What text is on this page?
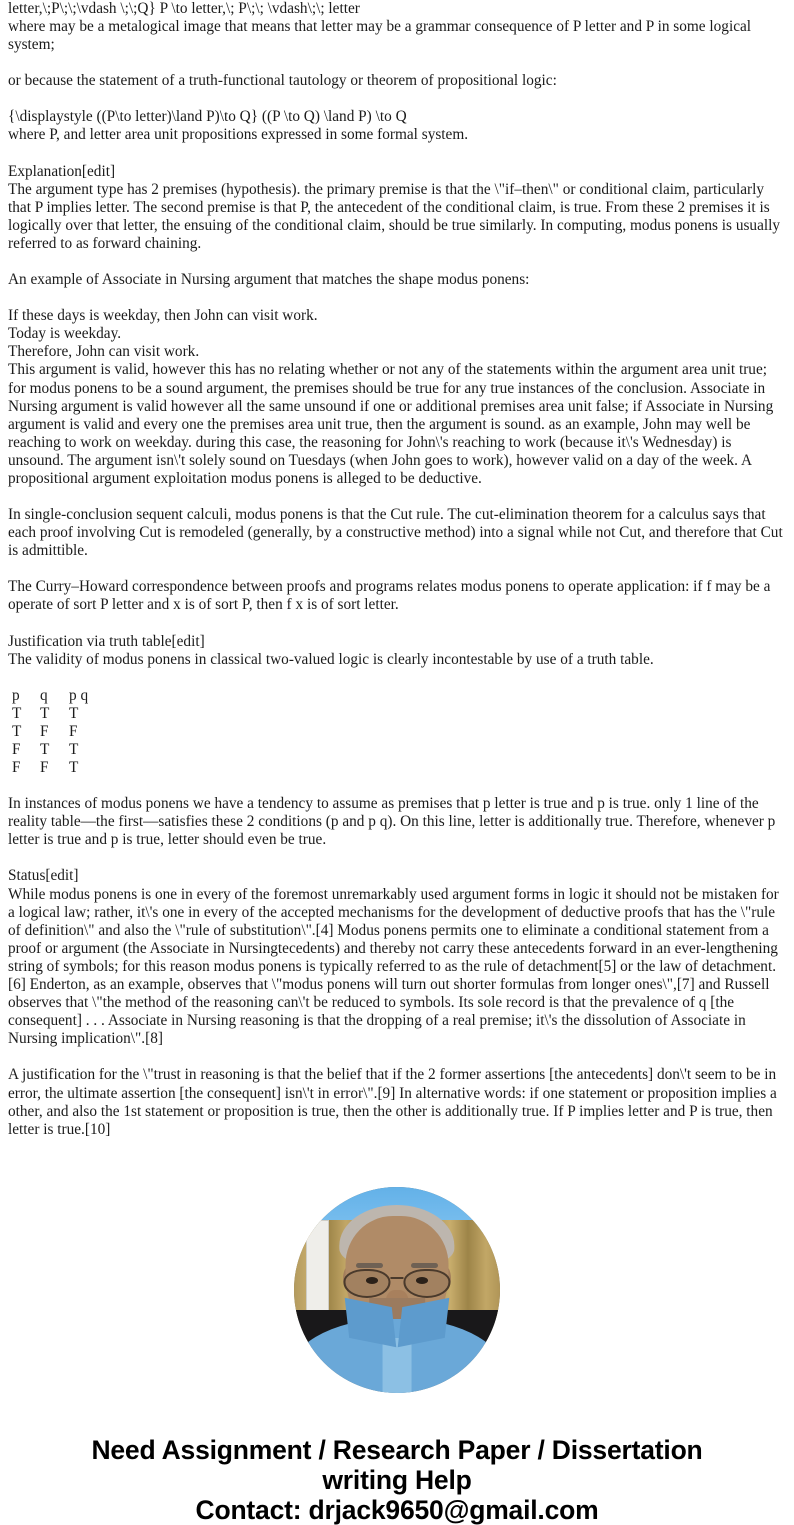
letter,\;P\;\;\vdash \;\;Q} P \to letter,\; P\;\; \vdash\;\; letter

where may be a metalogical image that means that letter may be a grammar consequence of P letter and P in some logical system;

or because the statement of a truth-functional tautology or theorem of propositional logic:

{\displaystyle ((P\to letter)\land P)\to Q} ((P \to Q) \land P) \to Q

where P, and letter area unit propositions expressed in some formal system.

Explanation[edit]

The argument type has 2 premises (hypothesis). the primary premise is that the \"if–then\" or conditional claim, particularly that P implies letter. The second premise is that P, the antecedent of the conditional claim, is true. From these 2 premises it is logically over that letter, the ensuing of the conditional claim, should be true similarly. In computing, modus ponens is usually referred to as forward chaining.

An example of Associate in Nursing argument that matches the shape modus ponens:

If these days is weekday, then John can visit work.

Today is weekday.

Therefore, John can visit work.

This argument is valid, however this has no relating whether or not any of the statements within the argument area unit true; for modus ponens to be a sound argument, the premises should be true for any true instances of the conclusion. Associate in Nursing argument is valid however all the same unsound if one or additional premises area unit false; if Associate in Nursing argument is valid and every one the premises area unit true, then the argument is sound. as an example, John may well be reaching to work on weekday. during this case, the reasoning for John\'s reaching to work (because it\'s Wednesday) is unsound. The argument isn\'t solely sound on Tuesdays (when John goes to work), however valid on a day of the week. A propositional argument exploitation modus ponens is alleged to be deductive.

In single-conclusion sequent calculi, modus ponens is that the Cut rule. The cut-elimination theorem for a calculus says that each proof involving Cut is remodeled (generally, by a constructive method) into a signal while not Cut, and therefore that Cut is admittible.

The Curry–Howard correspondence between proofs and programs relates modus ponens to operate application: if f may be a operate of sort P letter and x is of sort P, then f x is of sort letter.

Justification via truth table[edit]

The validity of modus ponens in classical two-valued logic is clearly incontestable by use of a truth table.

p	q	p q
T	T	T
T	F	F
F	T	T
F	F	T

In instances of modus ponens we have a tendency to assume as premises that p letter is true and p is true. only 1 line of the reality table—the first—satisfies these 2 conditions (p and p q). On this line, letter is additionally true. Therefore, whenever p letter is true and p is true, letter should even be true.

Status[edit]

While modus ponens is one in every of the foremost unremarkably used argument forms in logic it should not be mistaken for a logical law; rather, it\'s one in every of the accepted mechanisms for the development of deductive proofs that has the \"rule of definition\" and also the \"rule of substitution\".[4] Modus ponens permits one to eliminate a conditional statement from a proof or argument (the Associate in Nursingtecedents) and thereby not carry these antecedents forward in an ever-lengthening string of symbols; for this reason modus ponens is typically referred to as the rule of detachment[5] or the law of detachment.[6] Enderton, as an example, observes that \"modus ponens will turn out shorter formulas from longer ones\",[7] and Russell observes that \"the method of the reasoning can\'t be reduced to symbols. Its sole record is that the prevalence of q [the consequent] . . . Associate in Nursing reasoning is that the dropping of a real premise; it\'s the dissolution of Associate in Nursing implication\".[8]

A justification for the \"trust in reasoning is that the belief that if the 2 former assertions [the antecedents] don\'t seem to be in error, the ultimate assertion [the consequent] isn\'t in error\".[9] In alternative words: if one statement or proposition implies a other, and also the 1st statement or proposition is true, then the other is additionally true. If P implies letter and P is true, then letter is true.[10]

Need Assignment / Research Paper / Dissertation
writing Help
Contact: drjack9650@gmail.com
